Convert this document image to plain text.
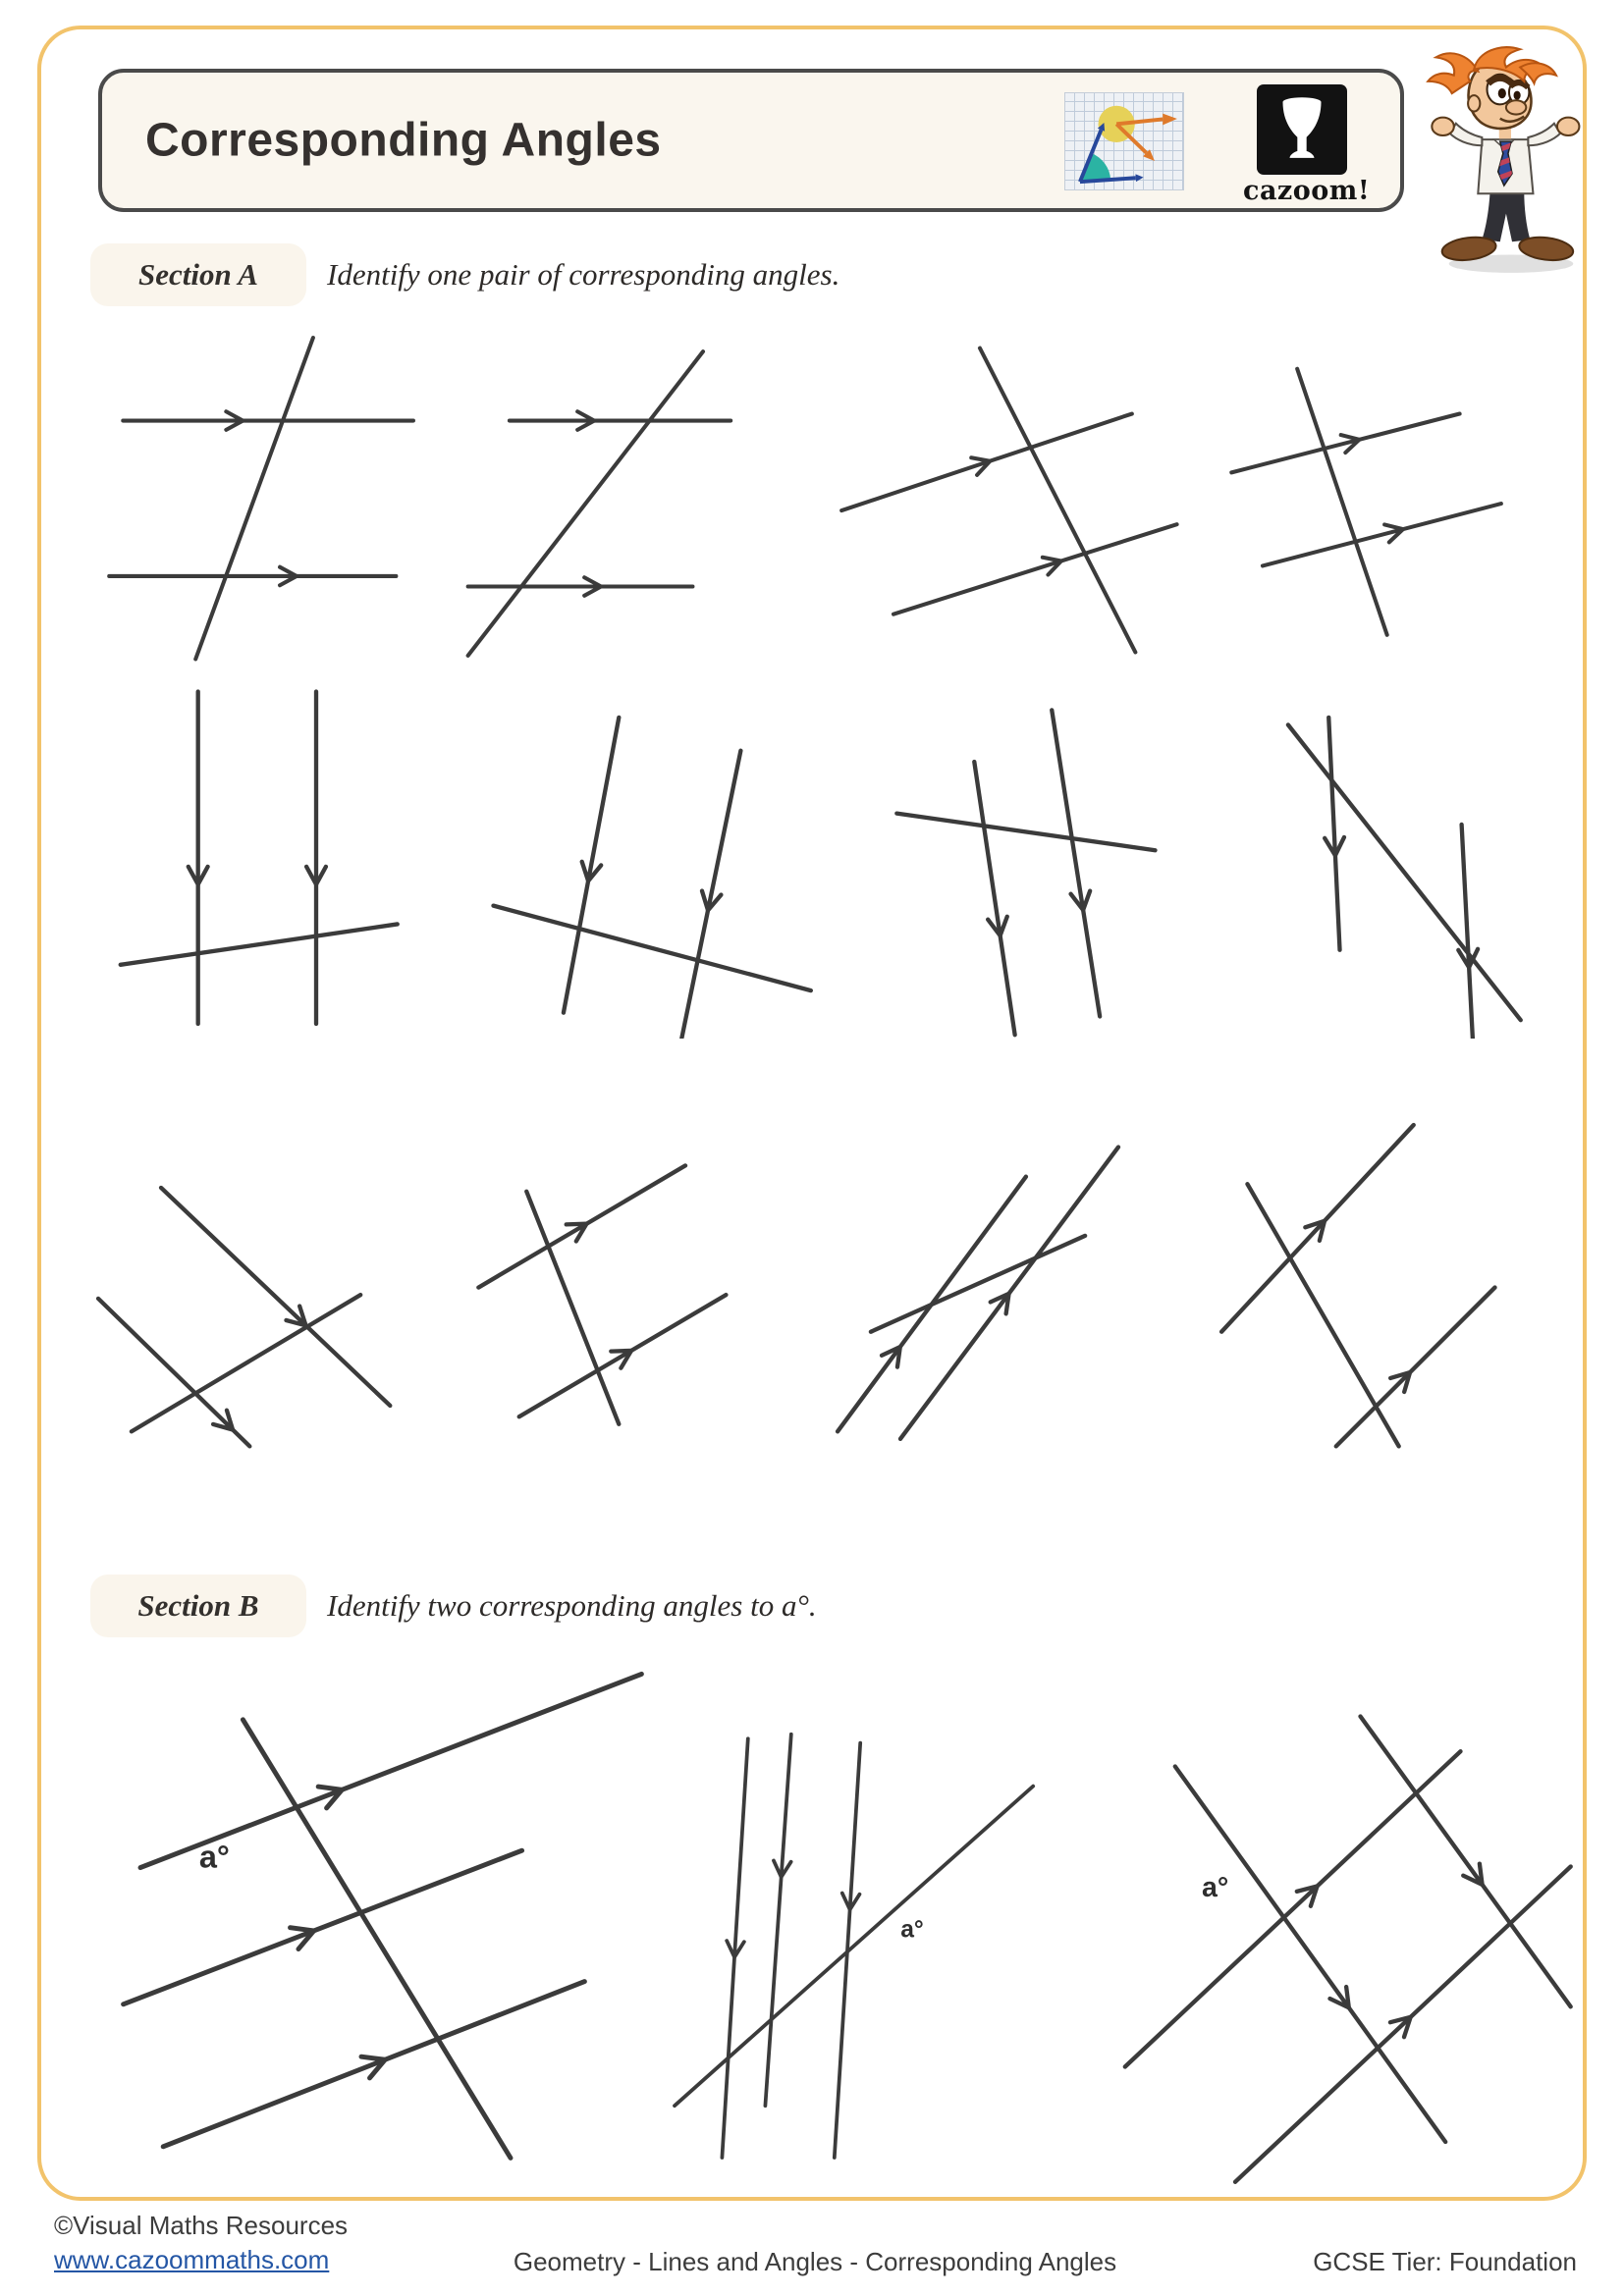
Corresponding Angles
cazoom!
Section A	Identify one pair of corresponding angles.
Section B	Identify two corresponding angles to a°.
a°
a°
a°
©Visual Maths Resources
www.cazoommaths.com	Geometry - Lines and Angles - Corresponding Angles	GCSE Tier: Foundation
